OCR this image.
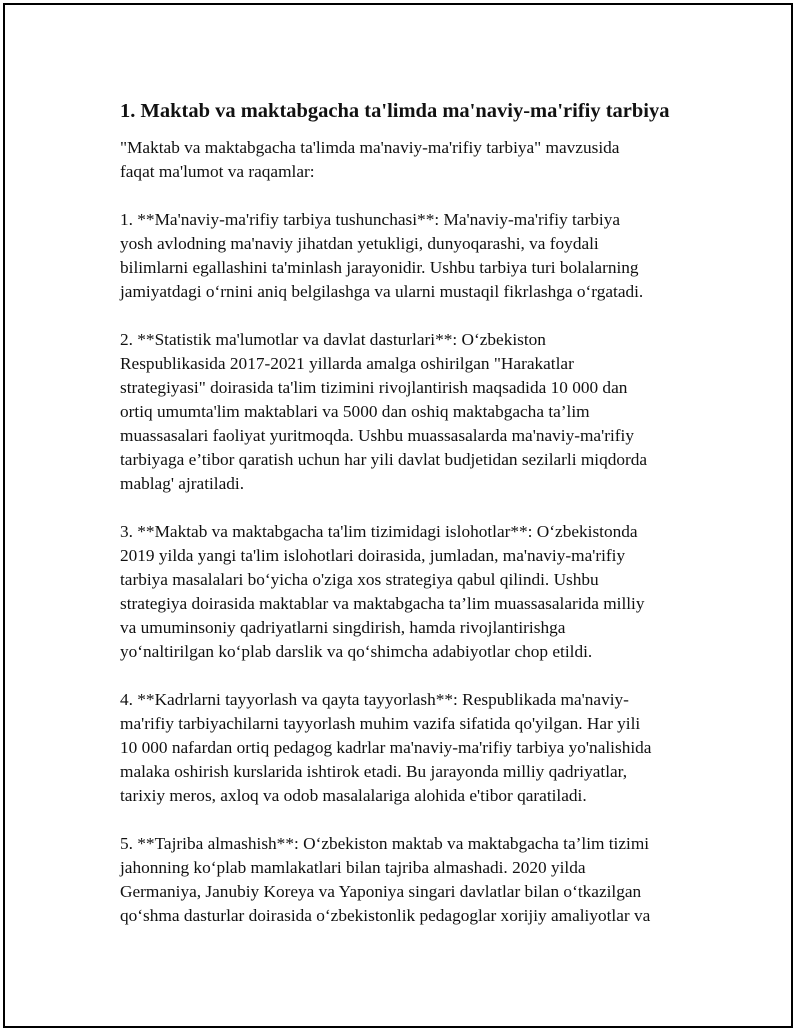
1. Maktab va maktabgacha ta'limda ma'naviy-ma'rifiy tarbiya

"Maktab va maktabgacha ta'limda ma'naviy-ma'rifiy tarbiya" mavzusida
faqat ma'lumot va raqamlar:

1. **Ma'naviy-ma'rifiy tarbiya tushunchasi**: Ma'naviy-ma'rifiy tarbiya
yosh avlodning ma'naviy jihatdan yetukligi, dunyoqarashi, va foydali
bilimlarni egallashini ta'minlash jarayonidir. Ushbu tarbiya turi bolalarning
jamiyatdagi o‘rnini aniq belgilashga va ularni mustaqil fikrlashga o‘rgatadi.

2. **Statistik ma'lumotlar va davlat dasturlari**: O‘zbekiston
Respublikasida 2017-2021 yillarda amalga oshirilgan "Harakatlar
strategiyasi" doirasida ta'lim tizimini rivojlantirish maqsadida 10 000 dan
ortiq umumta'lim maktablari va 5000 dan oshiq maktabgacha ta’lim
muassasalari faoliyat yuritmoqda. Ushbu muassasalarda ma'naviy-ma'rifiy
tarbiyaga e’tibor qaratish uchun har yili davlat budjetidan sezilarli miqdorda
mablag' ajratiladi.

3. **Maktab va maktabgacha ta'lim tizimidagi islohotlar**: O‘zbekistonda
2019 yilda yangi ta'lim islohotlari doirasida, jumladan, ma'naviy-ma'rifiy
tarbiya masalalari bo‘yicha o'ziga xos strategiya qabul qilindi. Ushbu
strategiya doirasida maktablar va maktabgacha ta’lim muassasalarida milliy
va umuminsoniy qadriyatlarni singdirish, hamda rivojlantirishga
yo‘naltirilgan ko‘plab darslik va qo‘shimcha adabiyotlar chop etildi.

4. **Kadrlarni tayyorlash va qayta tayyorlash**: Respublikada ma'naviy-
ma'rifiy tarbiyachilarni tayyorlash muhim vazifa sifatida qo'yilgan. Har yili
10 000 nafardan ortiq pedagog kadrlar ma'naviy-ma'rifiy tarbiya yo'nalishida
malaka oshirish kurslarida ishtirok etadi. Bu jarayonda milliy qadriyatlar,
tarixiy meros, axloq va odob masalalariga alohida e'tibor qaratiladi.

5. **Tajriba almashish**: O‘zbekiston maktab va maktabgacha ta’lim tizimi
jahonning ko‘plab mamlakatlari bilan tajriba almashadi. 2020 yilda
Germaniya, Janubiy Koreya va Yaponiya singari davlatlar bilan o‘tkazilgan
qo‘shma dasturlar doirasida o‘zbekistonlik pedagoglar xorijiy amaliyotlar va
